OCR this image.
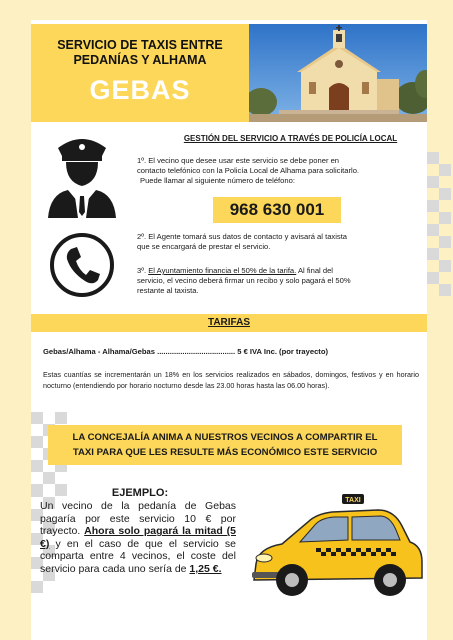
SERVICIO DE TAXIS ENTRE
PEDANÍAS Y ALHAMA
GEBAS
GESTIÓN DEL SERVICIO A TRAVÉS DE POLICÍA LOCAL
1º. El vecino que desee usar este servicio se debe poner en
contacto telefónico con la Policía Local de Alhama para solicitarlo.
Puede llamar al siguiente número de teléfono:
968 630 001
2º. El Agente tomará sus datos de contacto y avisará al taxista
que se encargará de prestar el servicio.
3º. El Ayuntamiento financia el 50% de la tarifa. Al final del
servicio, el vecino deberá firmar un recibo y solo pagará el 50%
restante al taxista.
TARIFAS
Gebas/Alhama - Alhama/Gebas ..................................... 5 € IVA Inc. (por trayecto)
Estas cuantías se incrementarán un 18% en los servicios realizados en sábados, domingos, festivos y en horario nocturno (entendiendo por horario nocturno desde las 23.00 horas hasta las 06.00 horas).
LA CONCEJALÍA ANIMA A NUESTROS VECINOS A COMPARTIR EL
TAXI PARA QUE LES RESULTE MÁS ECONÓMICO ESTE SERVICIO
EJEMPLO:
Un vecino de la pedanía de Gebas pagaría por este servicio 10 € por trayecto. Ahora solo pagará la mitad (5 €) y en el caso de que el servicio se comparta entre 4 vecinos, el coste del servicio para cada uno sería de 1,25 €.
TAXI
